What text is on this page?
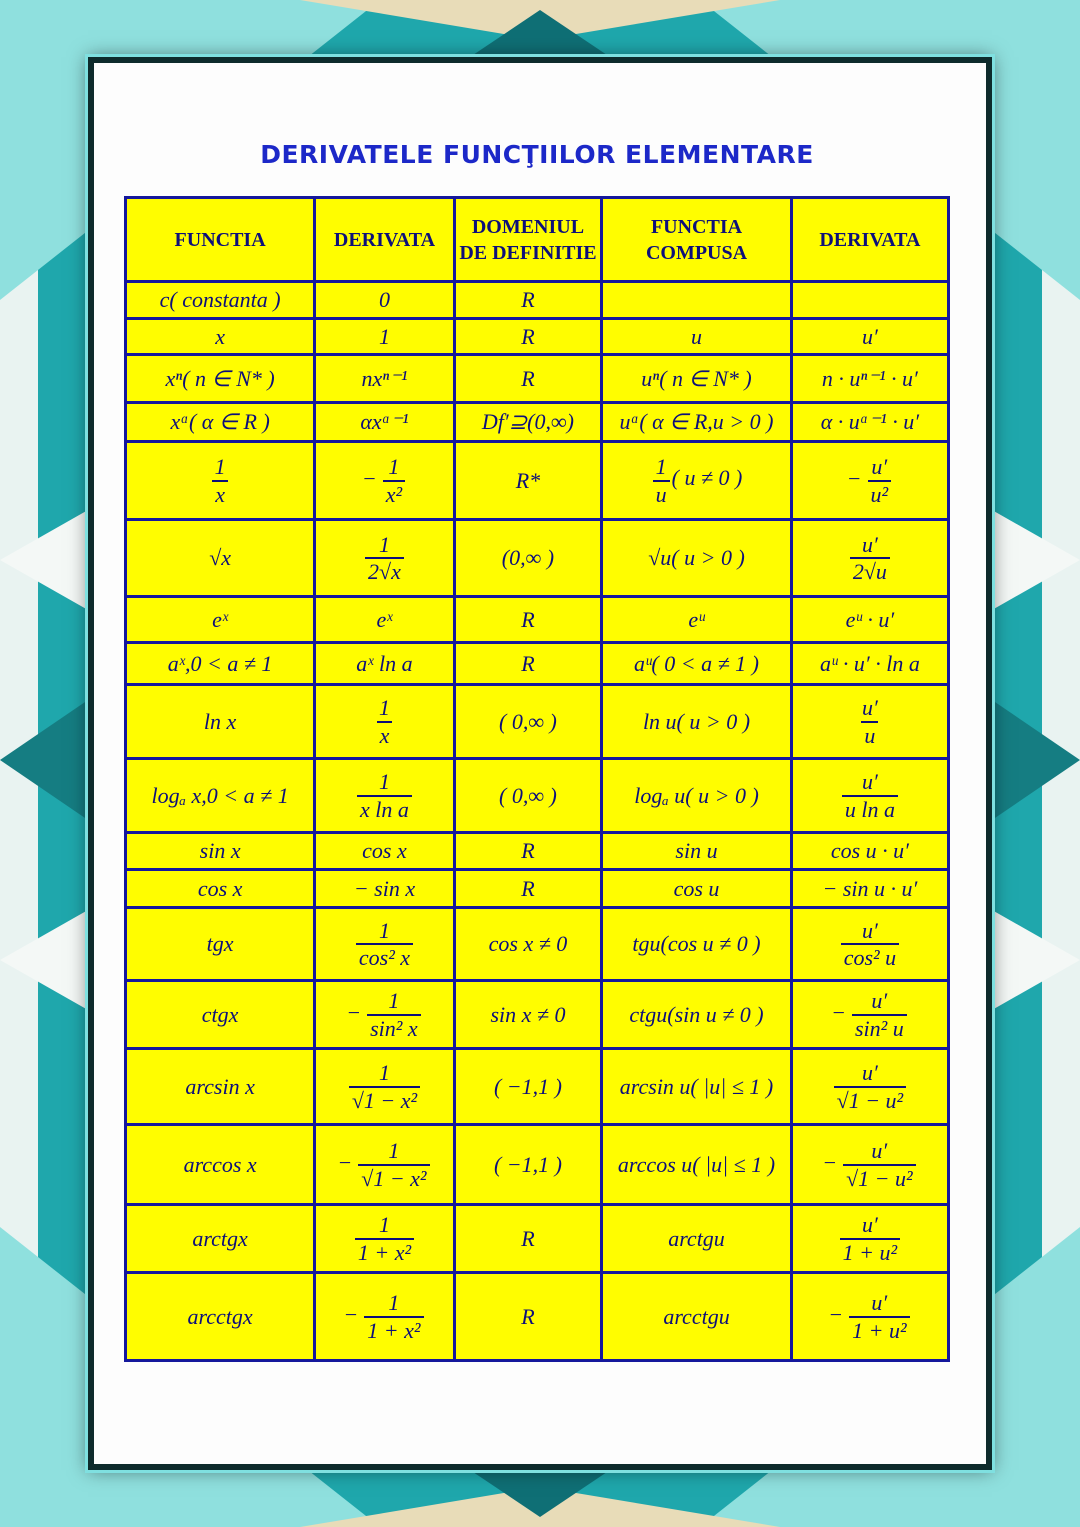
DERIVATELE FUNCŢIILOR ELEMENTARE
FUNCTIA	DERIVATA	DOMENIUL DE DEFINITIE	FUNCTIA COMPUSA	DERIVATA
c( constanta )	0	R		
x	1	R	u	u′
xⁿ( n ∈ N* )	nxⁿ⁻¹	R	uⁿ( n ∈ N* )	n · uⁿ⁻¹ · u′
xᵅ( α ∈ R )	αxᵅ⁻¹	Df′⊇(0,∞)	uᵅ( α ∈ R,u > 0 )	α · uᵅ⁻¹ · u′

$\frac{1}{x}$	− $\frac{1}{\text{x²}}$	R*	$\frac{1}{u}$ ( u ≠ 0 )	− $\frac{u'}{\text{u²}}$

√x	$\frac{1}{2√x}$	(0,∞ )	√u( u > 0 )	$\frac{u'}{2√u}$

eˣ	eˣ	R	eᵘ	eᵘ · u′
aˣ,0 < a ≠ 1	aˣ ln a	R	aᵘ( 0 < a ≠ 1 )	aᵘ · u′ · ln a
ln x	$\frac{1}{x}$	( 0,∞ )	ln u( u > 0 )	$\frac{u'}{u}$

logₐ x,0 < a ≠ 1	$\frac{1}{\text{x ln a}}$	( 0,∞ )	logₐ u( u > 0 )	$\frac{u'}{\text{u ln a}}$

sin x	cos x	R	sin u	cos u · u′
cos x	− sin x	R	cos u	− sin u · u′
tgx	$\frac{1}{\text{cos² x}}$	cos x ≠ 0	tgu(cos u ≠ 0 )	$\frac{u'}{\text{cos² u}}$

ctgx	− $\frac{1}{\text{sin² x}}$	sin x ≠ 0	ctgu(sin u ≠ 0 )	− $\frac{u'}{\text{sin² u}}$

arcsin x	$\frac{1}{\text{√1 − x²}}$	( −1,1 )	arcsin u( |u| ≤ 1 )	$\frac{u'}{\text{√1 − u²}}$

arccos x	− $\frac{1}{\text{√1 − x²}}$	( −1,1 )	arccos u( |u| ≤ 1 )	− $\frac{u'}{\text{√1 − u²}}$

arctgx	$\frac{1}{\text{1 + x²}}$	R	arctgu	$\frac{u'}{\text{1 + u²}}$

arcctgx	− $\frac{1}{\text{1 + x²}}$	R	arcctgu	− $\frac{u'}{\text{1 + u²}}$
